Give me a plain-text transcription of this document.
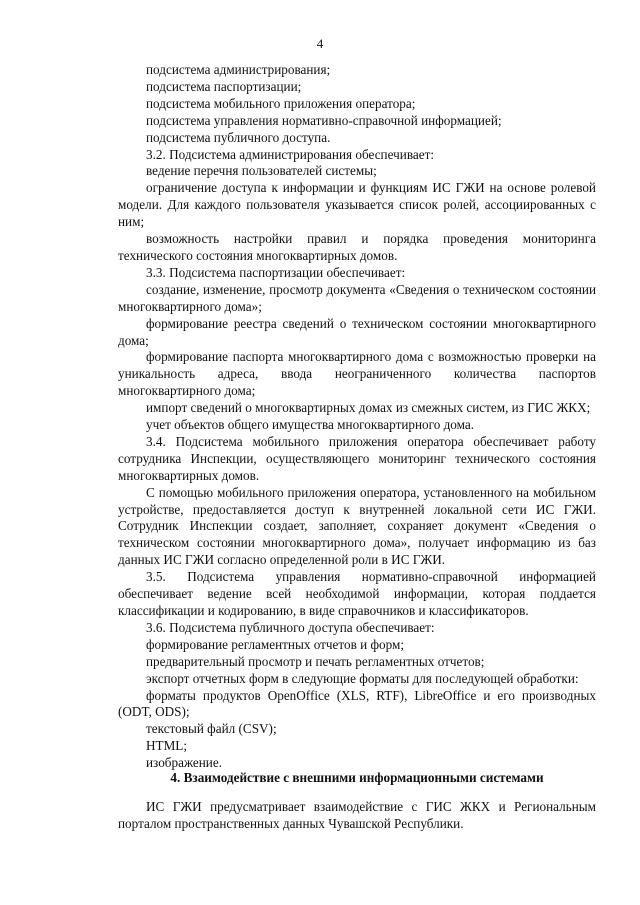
4

подсистема администрирования;

подсистема паспортизации;

подсистема мобильного приложения оператора;

подсистема управления нормативно-справочной информацией;

подсистема публичного доступа.

3.2. Подсистема администрирования обеспечивает:

ведение перечня пользователей системы;

ограничение доступа к информации и функциям ИС ГЖИ на основе ролевой модели. Для каждого пользователя указывается список ролей, ассоциированных с ним;

возможность настройки правил и порядка проведения мониторинга технического состояния многоквартирных домов.

3.3. Подсистема паспортизации обеспечивает:

создание, изменение, просмотр документа «Сведения о техническом состоянии многоквартирного дома»;

формирование реестра сведений о техническом состоянии многоквартирного дома;

формирование паспорта многоквартирного дома с возможностью проверки на уникальность адреса, ввода неограниченного количества паспортов многоквартирного дома;

импорт сведений о многоквартирных домах из смежных систем, из ГИС ЖКХ;

учет объектов общего имущества многоквартирного дома.

3.4. Подсистема мобильного приложения оператора обеспечивает работу сотрудника Инспекции, осуществляющего мониторинг технического состояния многоквартирных домов.

С помощью мобильного приложения оператора, установленного на мобильном устройстве, предоставляется доступ к внутренней локальной сети ИС ГЖИ. Сотрудник Инспекции создает, заполняет, сохраняет документ «Сведения о техническом состоянии многоквартирного дома», получает информацию из баз данных ИС ГЖИ согласно определенной роли в ИС ГЖИ.

3.5. Подсистема управления нормативно-справочной информацией обеспечивает ведение всей необходимой информации, которая поддается классификации и кодированию, в виде справочников и классификаторов.

3.6. Подсистема публичного доступа обеспечивает:

формирование регламентных отчетов и форм;

предварительный просмотр и печать регламентных отчетов;

экспорт отчетных форм в следующие форматы для последующей обработки:

форматы продуктов OpenOffice (XLS, RTF), LibreOffice и его производных (ODT, ODS);

текстовый файл (CSV);

HTML;

изображение.

4. Взаимодействие с внешними информационными системами

ИС ГЖИ предусматривает взаимодействие с ГИС ЖКХ и Региональным порталом пространственных данных Чувашской Республики.
